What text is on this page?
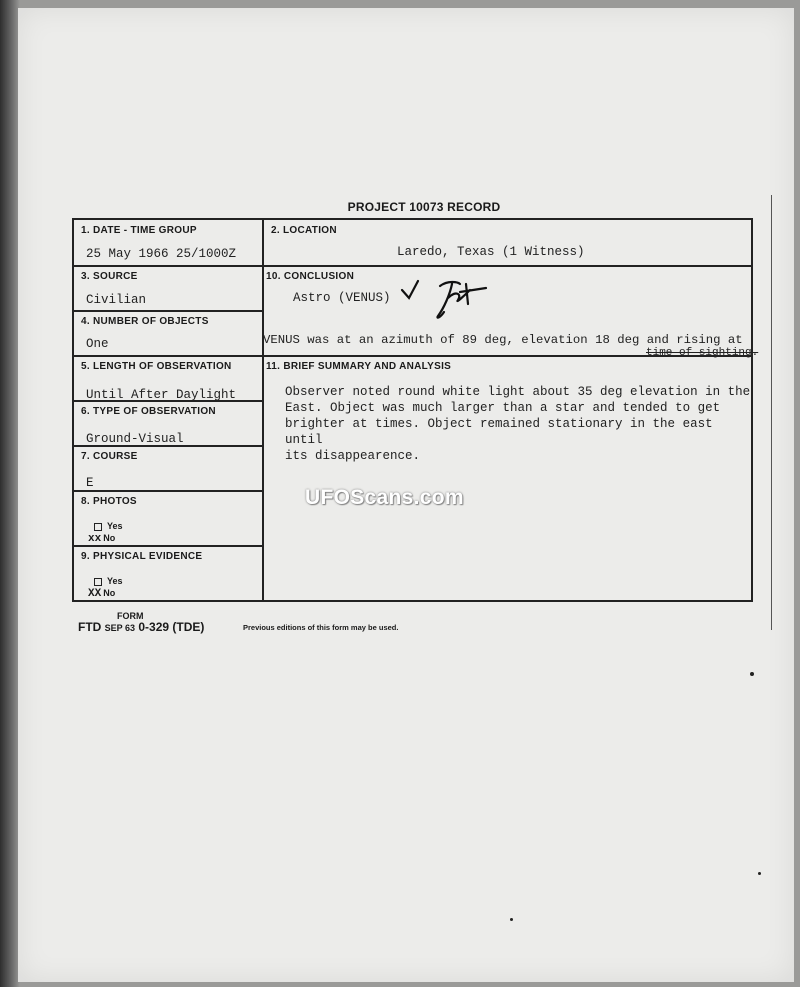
PROJECT 10073 RECORD
1. DATE - TIME GROUP
25 May 1966 25/1000Z
2. LOCATION
Laredo, Texas (1 Witness)
3. SOURCE
Civilian
10. CONCLUSION
Astro (VENUS)
4. NUMBER OF OBJECTS
One	VENUS was at an azimuth of 89 deg, elevation 18 deg and rising at
time of sighting.
5. LENGTH OF OBSERVATION
Until After Daylight
11. BRIEF SUMMARY AND ANALYSIS
Observer noted round white light about 35 deg elevation in the
East. Object was much larger than a star and tended to get
brighter at times. Object remained stationary in the east until
its disappearence.
6. TYPE OF OBSERVATION
Ground-Visual
7. COURSE
E
8. PHOTOS
Yes
xx No
9. PHYSICAL EVIDENCE
Yes
XX No
UFOScans.com
FORM
FTD SEP 63 0-329 (TDE)	Previous editions of this form may be used.
